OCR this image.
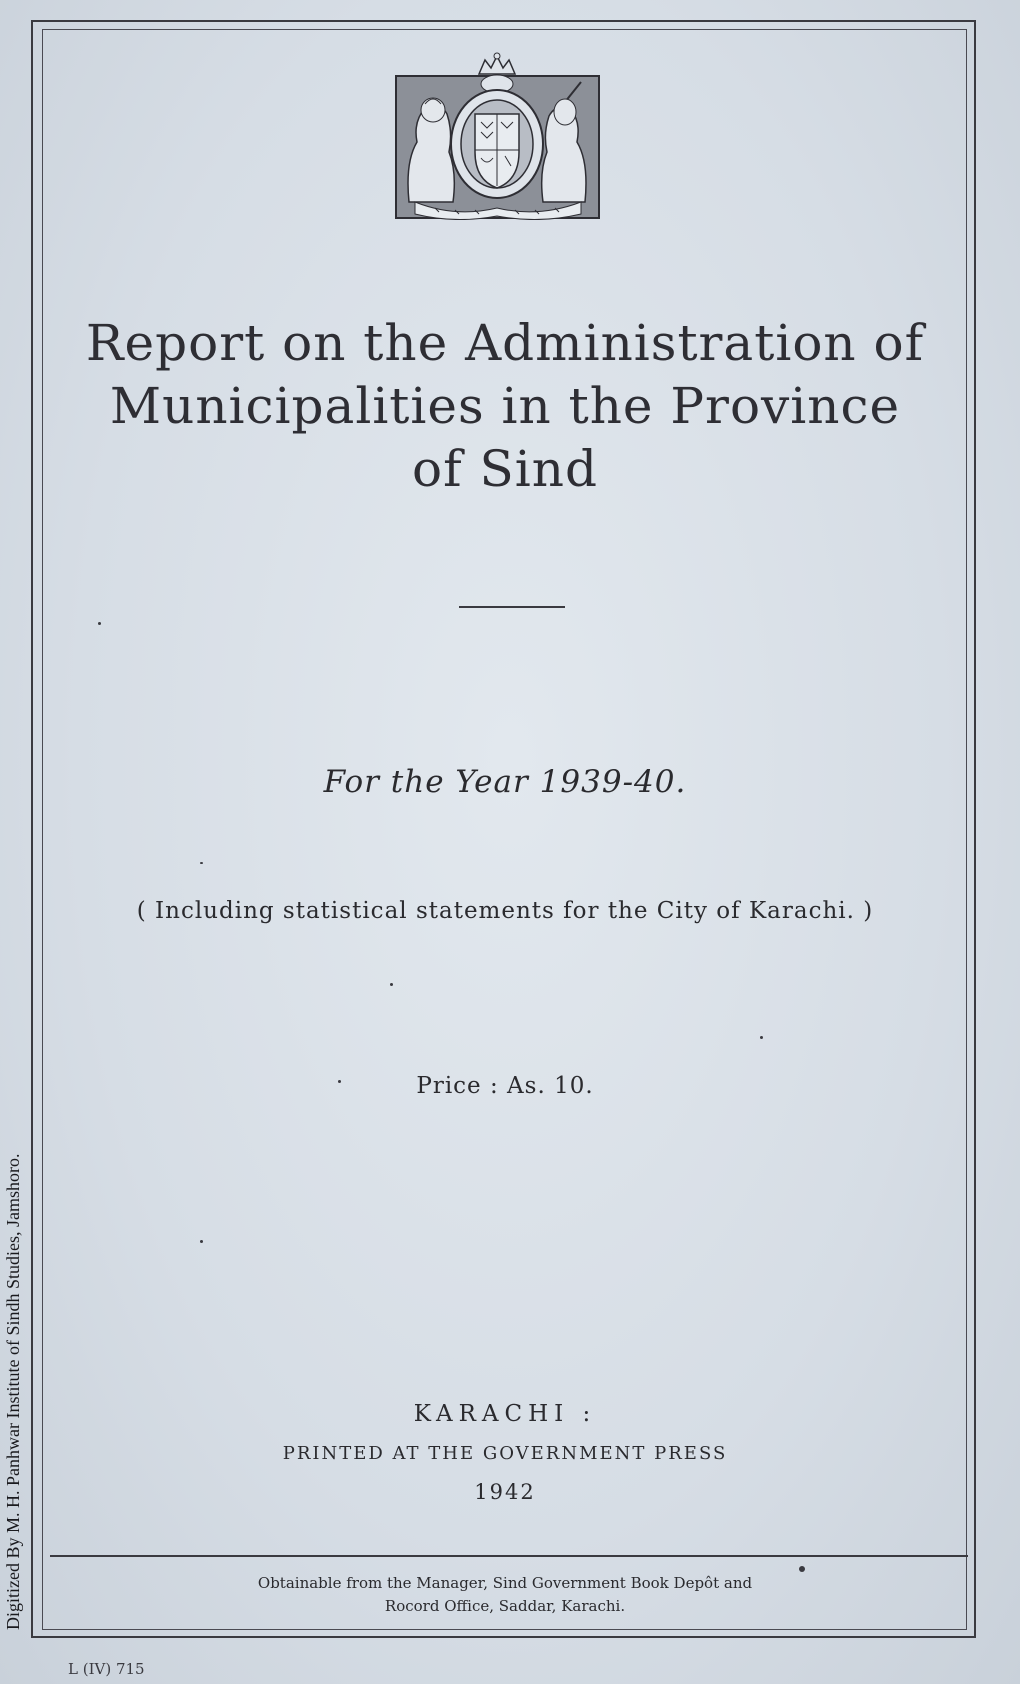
Report on the Administration of
Municipalities in the Province
of Sind
For the Year 1939-40.
( Including statistical statements for the City of Karachi. )
Price : As. 10.
KARACHI :
PRINTED AT THE GOVERNMENT PRESS
1942
Obtainable from the Manager, Sind Government Book Depôt and
Rocord Office, Saddar, Karachi.
L (IV) 715
Digitized By M. H. Panhwar Institute of Sindh Studies, Jamshoro.
